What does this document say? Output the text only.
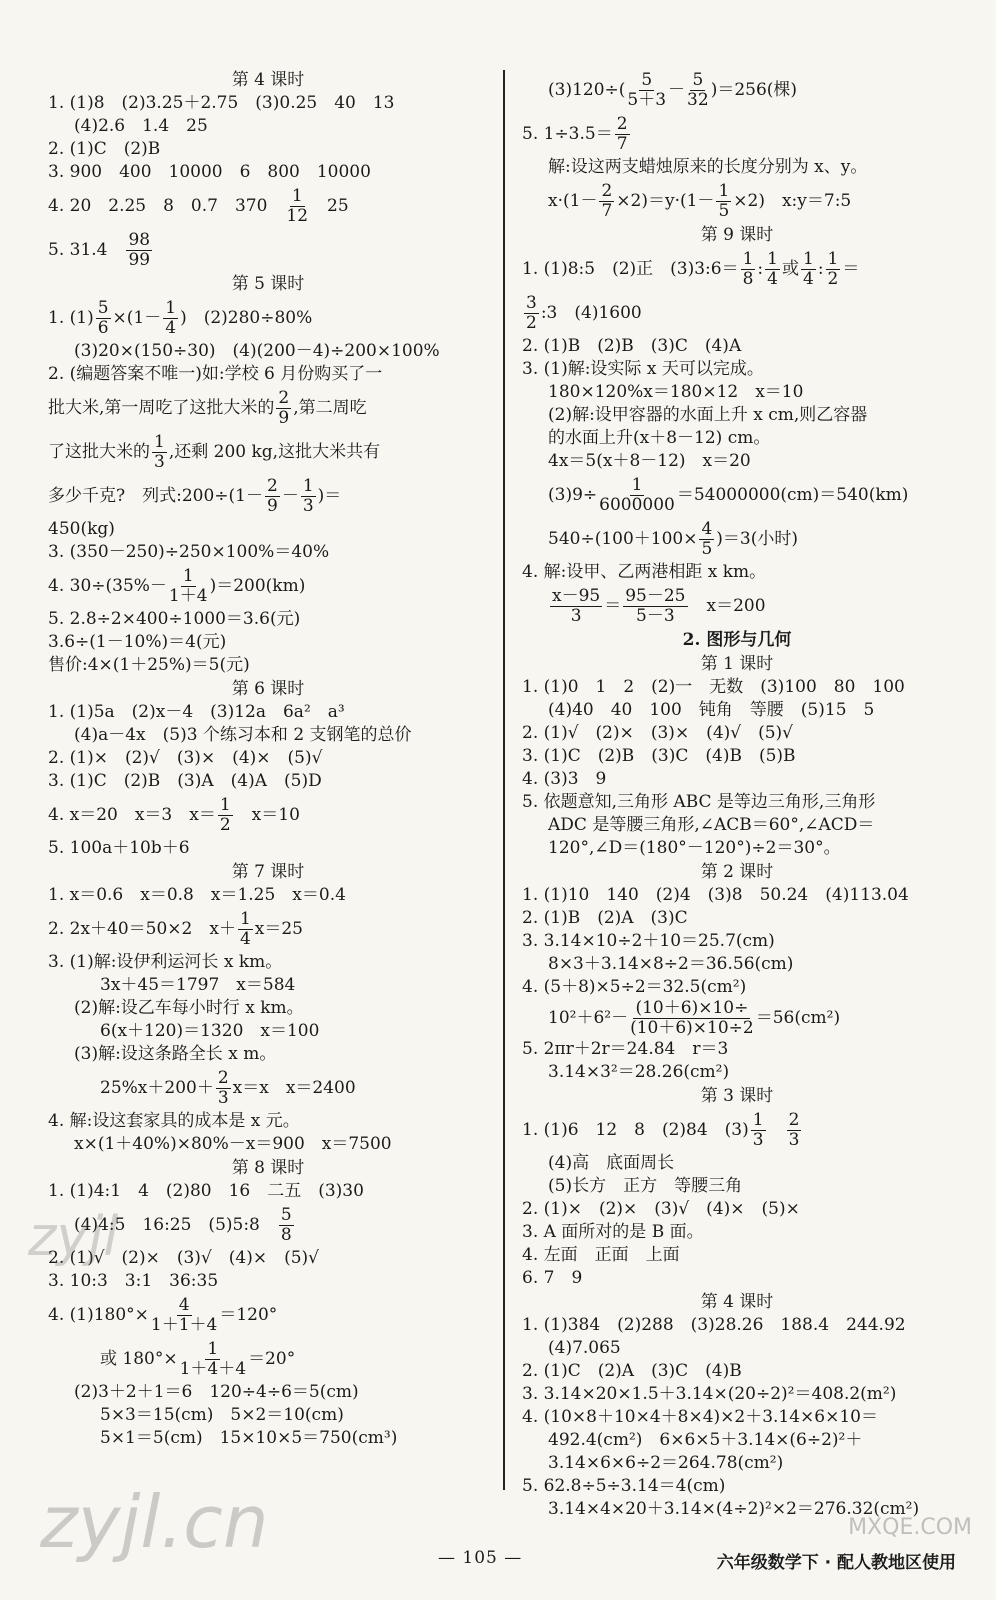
第 4 课时
1. (1)8　(2)3.25＋2.75　(3)0.25　40　13
(4)2.6　1.4　25
2. (1)C　(2)B
3. 900　400　10000　6　800　10000
4. 20　2.25　8　0.7　370　 $\frac{1}{12}$ 　25
5. 31.4　 $\frac{98}{99}$
第 5 课时
1. $(1) \frac{5}{6} \times(1- \frac{1}{4}$ )　(2)280÷80%
(3)20×(150÷30)　(4)(200－4)÷200×100%
2. (编题答案不唯一)如:学校 6 月份购买了一
批大米,第一周吃了这批大米的 $\frac{2}{9}$ ,第二周吃
了这批大米的 $\frac{1}{3}$ ,还剩 200 kg,这批大米共有
多少千克?　列式:200÷(1－ $\frac{2}{9} - \frac{1}{3}$ )＝
450(kg)
3. (350－250)÷250×100%＝40%
4. $30\div(35\%- \frac{1}{1+4} )=200(km)$
5. 2.8÷2×400÷1000＝3.6(元)
3.6÷(1－10%)＝4(元)
售价:4×(1＋25%)＝5(元)
第 6 课时
1. (1)5a　(2)x－4　(3)12a　6a²　a³
(4)a－4x　(5)3 个练习本和 2 支钢笔的总价
2. (1)×　(2)√　(3)×　(4)×　(5)√
3. (1)C　(2)B　(3)A　(4)A　(5)D
4. x＝20　x＝3　$x= \frac{1}{2}$ 　x＝10
5. 100a＋10b＋6
第 7 课时
1. x＝0.6　x＝0.8　x＝1.25　x＝0.4
2. 2x＋40＝50×2　$x+ \frac{1}{4} x=25$
3. (1)解:设伊利运河长 x km。
3x＋45＝1797　x＝584
(2)解:设乙车每小时行 x km。
6(x＋120)＝1320　x＝100
(3)解:设这条路全长 x m。
$25\%x+200+ \frac{2}{3} x=x$　x＝2400
4. 解:设这套家具的成本是 x 元。
x×(1＋40%)×80%－x＝900　x＝7500
第 8 课时
1. (1)4:1　4　(2)80　16　二五　(3)30
(4)4:5　16:25　(5)5:8　 $\frac{5}{8}$
2. (1)√　(2)×　(3)√　(4)×　(5)√
3. 10:3　3:1　36:35
4. $(1)180^\circ\times \frac{4}{1+1+4} =120^\circ$
或 $180^\circ\times \frac{1}{1+4+4} =20^\circ$
(2)3＋2＋1＝6　120÷4÷6＝5(cm)
5×3＝15(cm)　5×2＝10(cm)
5×1＝5(cm)　15×10×5＝750(cm³)
$(3)120\div( \frac{5}{5+3} - \frac{5}{32} )=256$(棵)
5. $1\div 3.5= \frac{2}{7}$
解:设这两支蜡烛原来的长度分别为 x、y。
$x\cdot(1- \frac{2}{7} \times 2)=y\cdot(1- \frac{1}{5} \times 2)$　x:y＝7:5
第 9 课时
1. (1)8:5　(2)正　(3)3:6＝ $\frac{1}{8}$ : $\frac{1}{4}$ 或 $\frac{1}{4}$ : $\frac{1}{2}$ ＝
$\frac{3}{2}$ :3　(4)1600
2. (1)B　(2)B　(3)C　(4)A
3. (1)解:设实际 x 天可以完成。
180×120%x＝180×12　x＝10
(2)解:设甲容器的水面上升 x cm,则乙容器
的水面上升(x＋8－12) cm。
4x＝5(x＋8－12)　x＝20
$(3)9\div \frac{1}{6000000} =54000000(cm)=540(km)$
$540\div(100+100\times \frac{4}{5} )=3$(小时)
4. 解:设甲、乙两港相距 x km。
$\frac{x-95}{3} = \frac{95-25}{5-3}$ 　x＝200
2. 图形与几何
第 1 课时
1. (1)0　1　2　(2)一　无数　(3)100　80　100
(4)40　40　100　钝角　等腰　(5)15　5
2. (1)√　(2)×　(3)×　(4)√　(5)√
3. (1)C　(2)B　(3)C　(4)B　(5)B
4. (3)3　9
5. 依题意知,三角形 ABC 是等边三角形,三角形
ADC 是等腰三角形,∠ACB＝60°,∠ACD＝
120°,∠D＝(180°－120°)÷2＝30°。
第 2 课时
1. (1)10　140　(2)4　(3)8　50.24　(4)113.04
2. (1)B　(2)A　(3)C
3. 3.14×10÷2＋10＝25.7(cm)
8×3＋3.14×8÷2＝36.56(cm)
4. (5＋8)×5÷2＝32.5(cm²)
$10^2+6^2- \frac{(10+6)\times 10\div}{(10+6)\times 10\div 2} =56(cm^2)$
5. 2πr＋2r＝24.84　r＝3
3.14×3²＝28.26(cm²)
第 3 课时
1. (1)6　12　8　(2)84　$(3) \frac{1}{3}$
　 $\frac{2}{3}$
(4)高　底面周长
(5)长方　正方　等腰三角
2. (1)×　(2)×　(3)√　(4)×　(5)×
3. A 面所对的是 B 面。
4. 左面　正面　上面
6. 7　9
第 4 课时
1. (1)384　(2)288　(3)28.26　188.4　244.92
(4)7.065
2. (1)C　(2)A　(3)C　(4)B
3. 3.14×20×1.5＋3.14×(20÷2)²＝408.2(m²)
4. (10×8＋10×4＋8×4)×2＋3.14×6×10＝
492.4(cm²)　6×6×5＋3.14×(6÷2)²＋
3.14×6×6÷2＝264.78(cm²)
5. 62.8÷5÷3.14＝4(cm)
3.14×4×20＋3.14×(4÷2)²×2＝276.32(cm²)
zyjl
zyjl.cn	MXQE.COM
— 105 —	六年级数学下 · 配人教地区使用
